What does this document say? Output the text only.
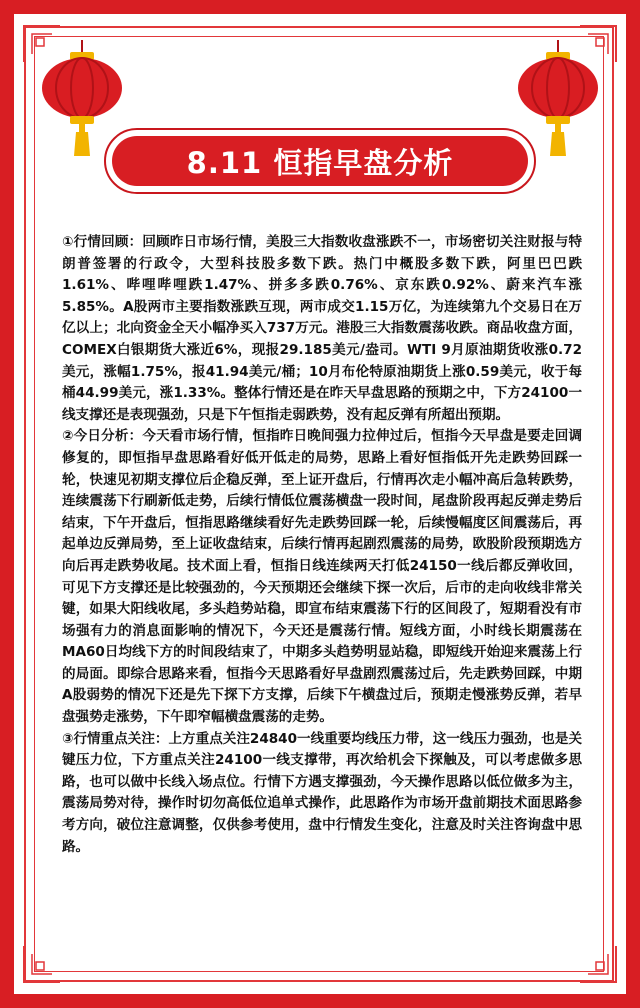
8.11 恒指早盘分析

①行情回顾：回顾昨日市场行情，美股三大指数收盘涨跌不一，市场密切关注财报与特朗普签署的行政令，大型科技股多数下跌。热门中概股多数下跌，阿里巴巴跌1.61%、哔哩哔哩跌1.47%、拼多多跌0.76%、京东跌0.92%、蔚来汽车涨5.85%。A股两市主要指数涨跌互现，两市成交1.15万亿，为连续第九个交易日在万亿以上；北向资金全天小幅净买入737万元。港股三大指数震荡收跌。商品收盘方面，COMEX白银期货大涨近6%，现报29.185美元/盎司。WTI 9月原油期货收涨0.72美元，涨幅1.75%，报41.94美元/桶；10月布伦特原油期货上涨0.59美元，收于每桶44.99美元，涨1.33%。整体行情还是在昨天早盘思路的预期之中，下方24100一线支撑还是表现强劲，只是下午恒指走弱跌势，没有起反弹有所超出预期。

②今日分析：今天看市场行情，恒指昨日晚间强力拉伸过后，恒指今天早盘是要走回调修复的，即恒指早盘思路看好低开低走的局势，思路上看好恒指低开先走跌势回踩一轮，快速见初期支撑位后企稳反弹，至上证开盘后，行情再次走小幅冲高后急转跌势，连续震荡下行刷新低走势，后续行情低位震荡横盘一段时间，尾盘阶段再起反弹走势后结束，下午开盘后，恒指思路继续看好先走跌势回踩一轮，后续慢幅度区间震荡后，再起单边反弹局势，至上证收盘结束，后续行情再起剧烈震荡的局势，欧股阶段预期选方向后再走跌势收尾。技术面上看，恒指日线连续两天打低24150一线后都反弹收回，可见下方支撑还是比较强劲的，今天预期还会继续下探一次后，后市的走向收线非常关键，如果大阳线收尾，多头趋势站稳，即宣布结束震荡下行的区间段了，短期看没有市场强有力的消息面影响的情况下，今天还是震荡行情。短线方面，小时线长期震荡在MA60日均线下方的时间段结束了，中期多头趋势明显站稳，即短线开始迎来震荡上行的局面。即综合思路来看，恒指今天思路看好早盘剧烈震荡过后，先走跌势回踩，中期A股弱势的情况下还是先下探下方支撑，后续下午横盘过后，预期走慢涨势反弹，若早盘强势走涨势，下午即窄幅横盘震荡的走势。

③行情重点关注：上方重点关注24840一线重要均线压力带，这一线压力强劲，也是关键压力位，下方重点关注24100一线支撑带，再次给机会下探触及，可以考虑做多思路，也可以做中长线入场点位。行情下方遇支撑强劲，今天操作思路以低位做多为主，震荡局势对待，操作时切勿高低位追单式操作，此思路作为市场开盘前期技术面思路参考方向，破位注意调整，仅供参考使用，盘中行情发生变化，注意及时关注咨询盘中思路。
